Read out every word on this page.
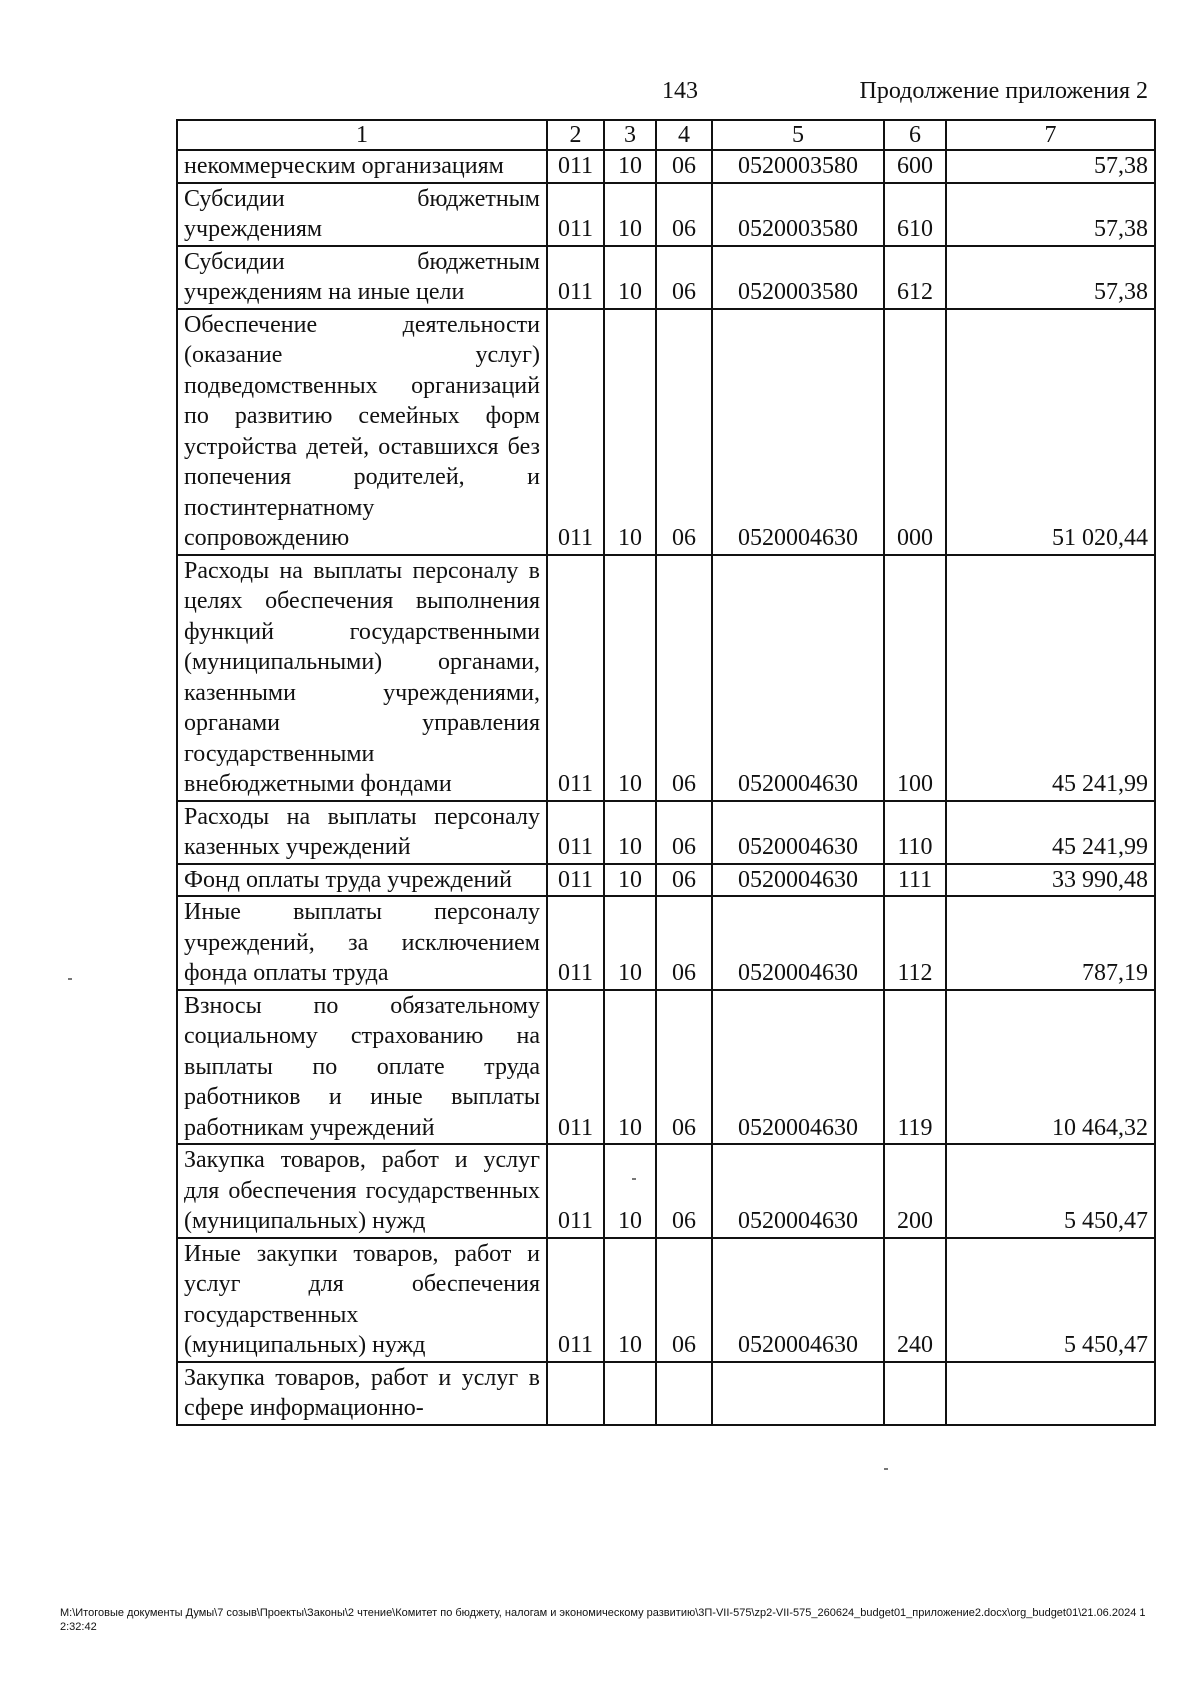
143	Продолжение приложения 2
1	2	3	4	5	6	7
некоммерческим организациям	011	10	06	0520003580	600	57,38
Субсидии бюджетным учреждениям	011	10	06	0520003580	610	57,38
Субсидии бюджетным учреждениям на иные цели	011	10	06	0520003580	612	57,38
Обеспечение деятельности (оказание услуг) подведомственных организаций по развитию семейных форм устройства детей, оставшихся без попечения родителей, и постинтернатному сопровождению	011	10	06	0520004630	000	51 020,44
Расходы на выплаты персоналу в целях обеспечения выполнения функций государственными (муниципальными) органами, казенными учреждениями, органами управления государственными внебюджетными фондами	011	10	06	0520004630	100	45 241,99
Расходы на выплаты персоналу казенных учреждений	011	10	06	0520004630	110	45 241,99
Фонд оплаты труда учреждений	011	10	06	0520004630	111	33 990,48
Иные выплаты персоналу учреждений, за исключением фонда оплаты труда	011	10	06	0520004630	112	787,19
Взносы по обязательному социальному страхованию на выплаты по оплате труда работников и иные выплаты работникам учреждений	011	10	06	0520004630	119	10 464,32
Закупка товаров, работ и услуг для обеспечения государственных (муниципальных) нужд	011	10	06	0520004630	200	5 450,47
Иные закупки товаров, работ и услуг для обеспечения государственных (муниципальных) нужд	011	10	06	0520004630	240	5 450,47
Закупка товаров, работ и услуг в сфере информационно-						
M:\Итоговые документы Думы\7 созыв\Проекты\Законы\2 чтение\Комитет по бюджету, налогам и экономическому развитию\3П-VII-575\zp2-VII-575_260624_budget01_приложение2.docx\org_budget01\21.06.2024 12:32:42
